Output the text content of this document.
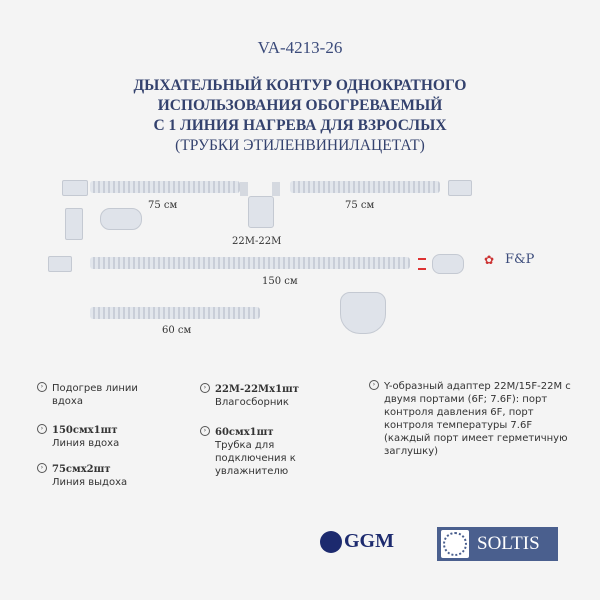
VA-4213-26
ДЫХАТЕЛЬНЫЙ КОНТУР ОДНОКРАТНОГО
ИСПОЛЬЗОВАНИЯ ОБОГРЕВАЕМЫЙ
С 1 ЛИНИЯ НАГРЕВА ДЛЯ ВЗРОСЛЫХ
(ТРУБКИ ЭТИЛЕНВИНИЛАЦЕТАТ)
75 см
22M-22M
75 см
✿ F&P
150 см
60 см
› Подогрев линии вдоха
› 150смx1шт
Линия вдоха
› 75смx2шт
Линия выдоха
› 22M-22Mx1шт
Влагосборник
› 60смx1шт
Трубка для подключения к увлажнителю
› Y-образный адаптер 22M/15F-22M с двумя портами (6F; 7.6F): порт контроля давления 6F, порт контроля температуры 7.6F (каждый порт имеет герметичную заглушку)
GGM	SOLTIS
